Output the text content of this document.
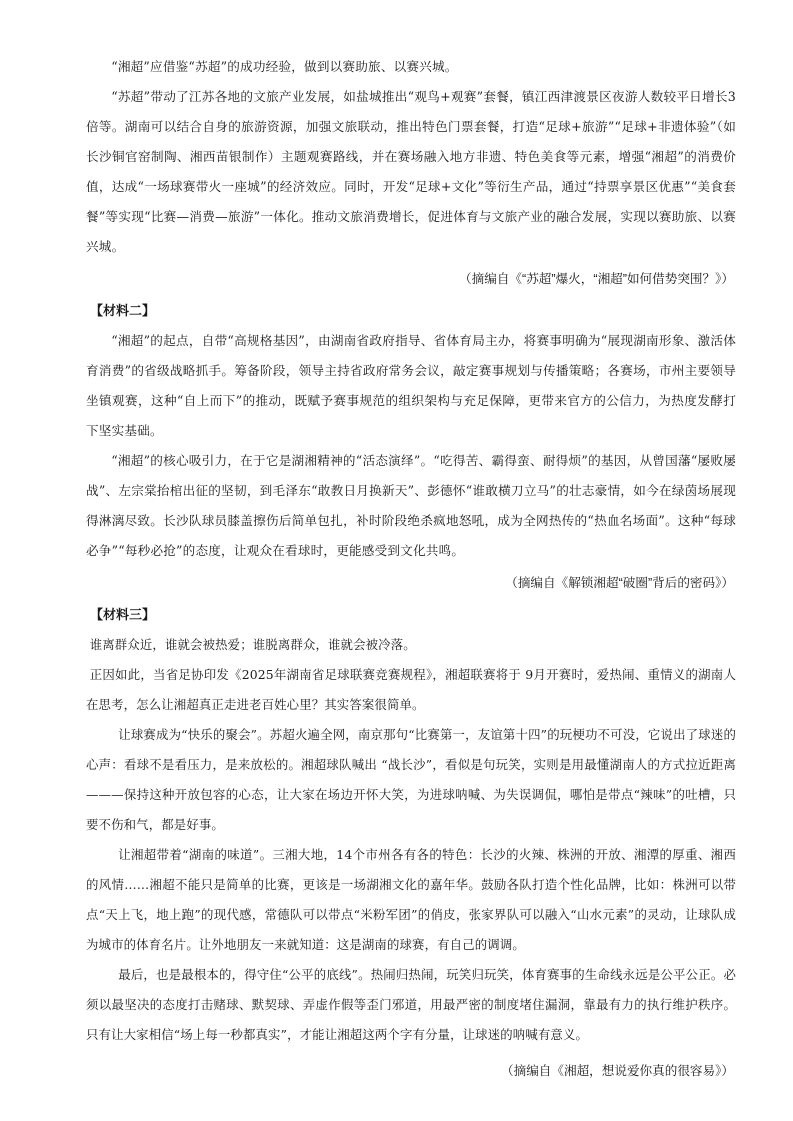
“湘超”应借鉴“苏超”的成功经验，做到以赛助旅、以赛兴城。

“苏超”带动了江苏各地的文旅产业发展，如盐城推出“观鸟+观赛”套餐，镇江西津渡景区夜游人数较平日增长3倍等。湖南可以结合自身的旅游资源，加强文旅联动，推出特色门票套餐，打造“足球+旅游”“足球+非遗体验”（如长沙铜官窑制陶、湘西苗银制作）主题观赛路线，并在赛场融入地方非遗、特色美食等元素，增强“湘超”的消费价值，达成“一场球赛带火一座城”的经济效应。同时，开发“足球+文化”等衍生产品，通过“持票享景区优惠”“美食套餐”等实现“比赛—消费—旅游”一体化。推动文旅消费增长，促进体育与文旅产业的融合发展，实现以赛助旅、以赛兴城。

（摘编自《“苏超”爆火，“湘超”如何借势突围？》）

【材料二】

“湘超”的起点，自带“高规格基因”，由湖南省政府指导、省体育局主办，将赛事明确为“展现湖南形象、激活体育消费”的省级战略抓手。筹备阶段，领导主持省政府常务会议，敲定赛事规划与传播策略；各赛场，市州主要领导坐镇观赛，这种“自上而下”的推动，既赋予赛事规范的组织架构与充足保障，更带来官方的公信力，为热度发酵打下坚实基础。

“湘超”的核心吸引力，在于它是湖湘精神的“活态演绎”。“吃得苦、霸得蛮、耐得烦”的基因，从曾国藩“屡败屡战”、左宗棠抬棺出征的坚韧，到毛泽东“敢教日月换新天”、彭德怀“谁敢横刀立马”的壮志豪情，如今在绿茵场展现得淋漓尽致。长沙队球员膝盖擦伤后简单包扎，补时阶段绝杀疯地怒吼，成为全网热传的“热血名场面”。这种“每球必争”“每秒必抢”的态度，让观众在看球时，更能感受到文化共鸣。

（摘编自《解锁湘超“破圈”背后的密码》）

【材料三】

谁离群众近，谁就会被热爱；谁脱离群众，谁就会被冷落。

正因如此，当省足协印发《2025年湖南省足球联赛竞赛规程》，湘超联赛将于 9月开赛时，爱热闹、重情义的湖南人在思考，怎么让湘超真正走进老百姓心里？其实答案很简单。

让球赛成为“快乐的聚会”。苏超火遍全网，南京那句“比赛第一，友谊第十四”的玩梗功不可没，它说出了球迷的心声：看球不是看压力，是来放松的。湘超球队喊出 “战长沙”，看似是句玩笑，实则是用最懂湖南人的方式拉近距离———保持这种开放包容的心态，让大家在场边开怀大笑，为进球呐喊、为失误调侃，哪怕是带点“辣味”的吐槽，只要不伤和气，都是好事。

让湘超带着“湖南的味道”。三湘大地，14个市州各有各的特色：长沙的火辣、株洲的开放、湘潭的厚重、湘西的风情……湘超不能只是简单的比赛，更该是一场湖湘文化的嘉年华。鼓励各队打造个性化品牌，比如：株洲可以带点“天上飞，地上跑”的现代感，常德队可以带点“米粉军团”的俏皮，张家界队可以融入“山水元素”的灵动，让球队成为城市的体育名片。让外地朋友一来就知道：这是湖南的球赛，有自己的调调。

最后，也是最根本的，得守住“公平的底线”。热闹归热闹，玩笑归玩笑，体育赛事的生命线永远是公平公正。必须以最坚决的态度打击赌球、默契球、弄虚作假等歪门邪道，用最严密的制度堵住漏洞，靠最有力的执行维护秩序。只有让大家相信“场上每一秒都真实”，才能让湘超这两个字有分量，让球迷的呐喊有意义。

（摘编自《湘超，想说爱你真的很容易》）
